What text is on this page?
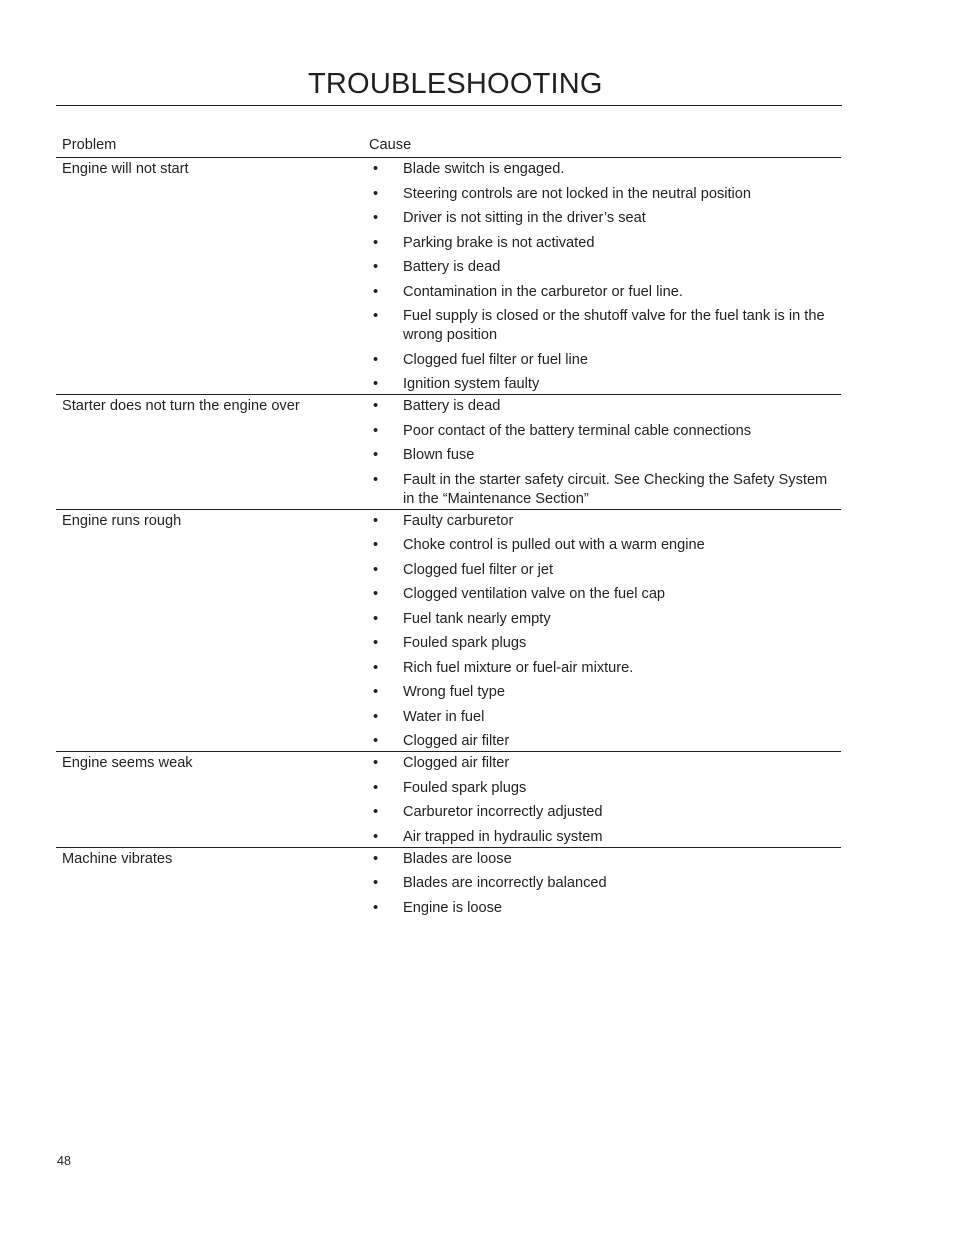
TROUBLESHOOTING
Problem	Cause
Engine will not start	• Blade switch is engaged.
• Steering controls are not locked in the neutral position
• Driver is not sitting in the driver’s seat
• Parking brake is not activated
• Battery is dead
• Contamination in the carburetor or fuel line.
• Fuel supply is closed or the shutoff valve for the fuel tank is in the wrong position
• Clogged fuel filter or fuel line
• Ignition system faulty
Starter does not turn the engine over	• Battery is dead
• Poor contact of the battery terminal cable connections
• Blown fuse
• Fault in the starter safety circuit. See Checking the Safety System in the “Maintenance Section”
Engine runs rough	• Faulty carburetor
• Choke control is pulled out with a warm engine
• Clogged fuel filter or jet
• Clogged ventilation valve on the fuel cap
• Fuel tank nearly empty
• Fouled spark plugs
• Rich fuel mixture or fuel-air mixture.
• Wrong fuel type
• Water in fuel
• Clogged air filter
Engine seems weak	• Clogged air filter
• Fouled spark plugs
• Carburetor incorrectly adjusted
• Air trapped in hydraulic system
Machine vibrates	• Blades are loose
• Blades are incorrectly balanced
• Engine is loose
48
